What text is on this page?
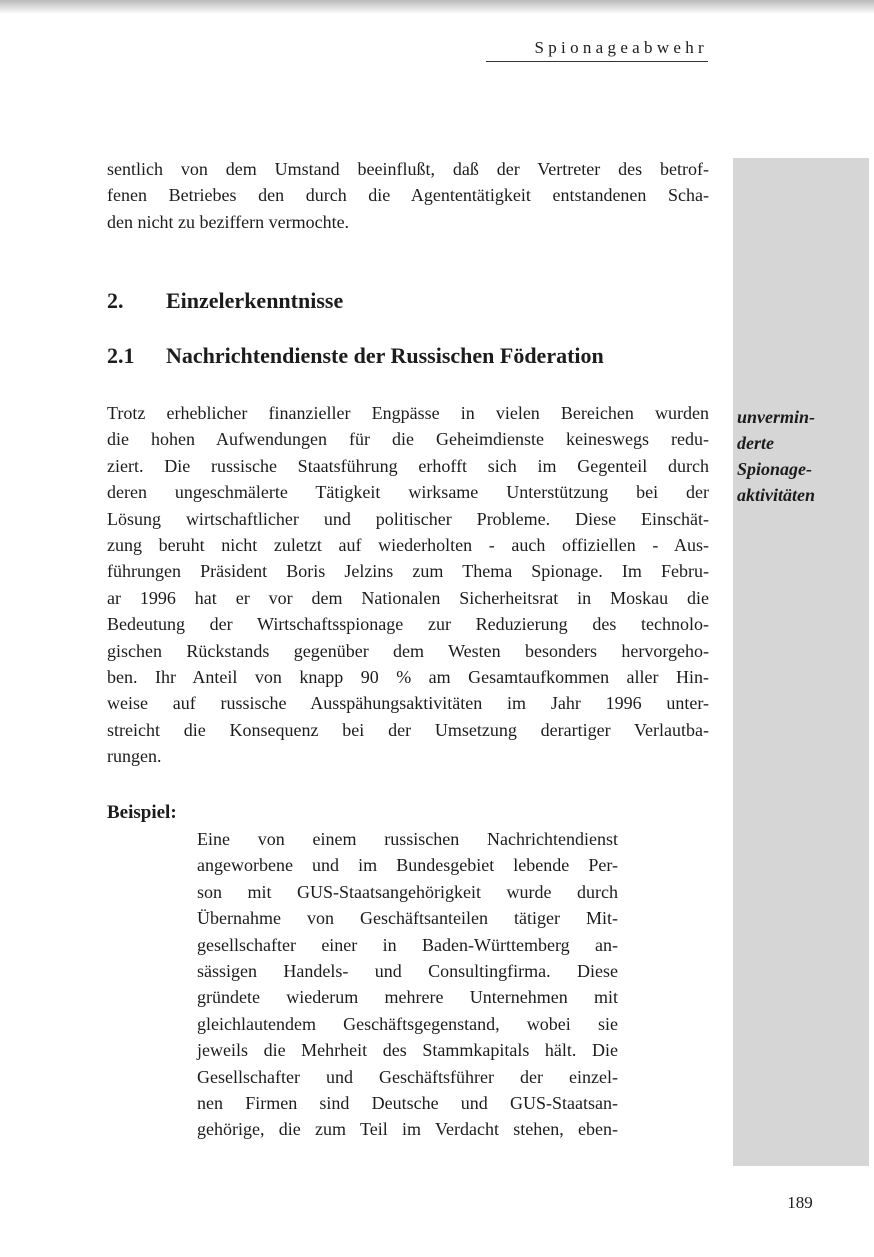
Spionageabwehr
unvermin-
derte
Spionage-
aktivitäten
sentlich von dem Umstand beeinflußt, daß der Vertreter des betrof-
fenen Betriebes den durch die Agententätigkeit entstandenen Scha-
den nicht zu beziffern vermochte.
2. Einzelerkenntnisse
2.1 Nachrichtendienste der Russischen Föderation
Trotz erheblicher finanzieller Engpässe in vielen Bereichen wurden
die hohen Aufwendungen für die Geheimdienste keineswegs redu-
ziert. Die russische Staatsführung erhofft sich im Gegenteil durch
deren ungeschmälerte Tätigkeit wirksame Unterstützung bei der
Lösung wirtschaftlicher und politischer Probleme. Diese Einschät-
zung beruht nicht zuletzt auf wiederholten - auch offiziellen - Aus-
führungen Präsident Boris Jelzins zum Thema Spionage. Im Febru-
ar 1996 hat er vor dem Nationalen Sicherheitsrat in Moskau die
Bedeutung der Wirtschaftsspionage zur Reduzierung des technolo-
gischen Rückstands gegenüber dem Westen besonders hervorgeho-
ben. Ihr Anteil von knapp 90 % am Gesamtaufkommen aller Hin-
weise auf russische Ausspähungsaktivitäten im Jahr 1996 unter-
streicht die Konsequenz bei der Umsetzung derartiger Verlautba-
rungen.
Beispiel:
Eine von einem russischen Nachrichtendienst
angeworbene und im Bundesgebiet lebende Per-
son mit GUS-Staatsangehörigkeit wurde durch
Übernahme von Geschäftsanteilen tätiger Mit-
gesellschafter einer in Baden-Württemberg an-
sässigen Handels- und Consultingfirma. Diese
gründete wiederum mehrere Unternehmen mit
gleichlautendem Geschäftsgegenstand, wobei sie
jeweils die Mehrheit des Stammkapitals hält. Die
Gesellschafter und Geschäftsführer der einzel-
nen Firmen sind Deutsche und GUS-Staatsan-
gehörige, die zum Teil im Verdacht stehen, eben-
189
